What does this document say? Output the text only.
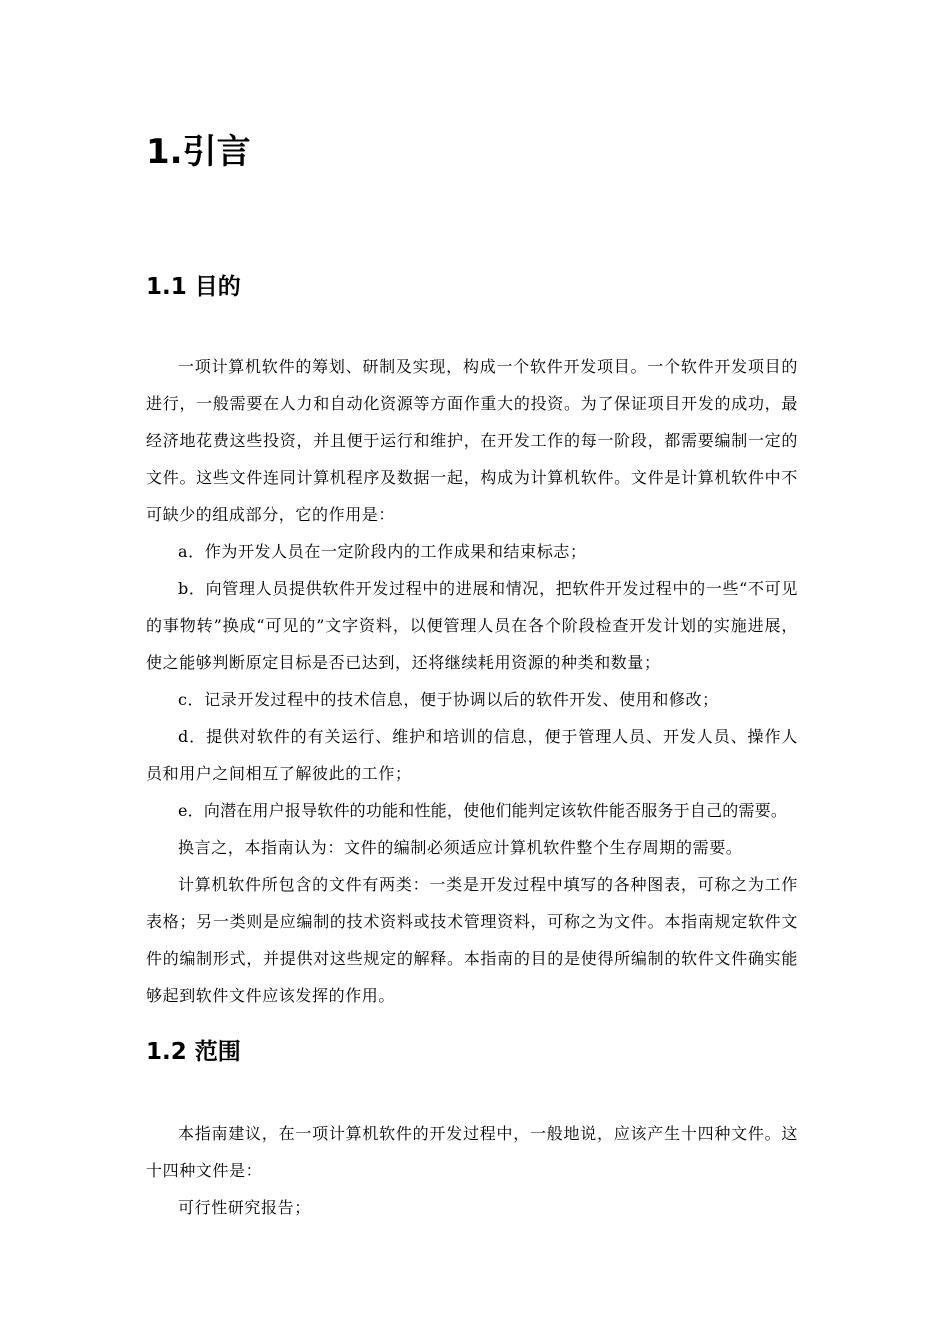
1.引言
1.1 目的

一项计算机软件的筹划、研制及实现，构成一个软件开发项目。一个软件开发项目的进行，一般需要在人力和自动化资源等方面作重大的投资。为了保证项目开发的成功，最经济地花费这些投资，并且便于运行和维护，在开发工作的每一阶段，都需要编制一定的文件。这些文件连同计算机程序及数据一起，构成为计算机软件。文件是计算机软件中不可缺少的组成部分，它的作用是：

a．作为开发人员在一定阶段内的工作成果和结束标志；

b．向管理人员提供软件开发过程中的进展和情况，把软件开发过程中的一些“不可见的事物转”换成“可见的”文字资料，以便管理人员在各个阶段检查开发计划的实施进展，使之能够判断原定目标是否已达到，还将继续耗用资源的种类和数量；

c．记录开发过程中的技术信息，便于协调以后的软件开发、使用和修改；

d．提供对软件的有关运行、维护和培训的信息，便于管理人员、开发人员、操作人员和用户之间相互了解彼此的工作；

e．向潜在用户报导软件的功能和性能，使他们能判定该软件能否服务于自己的需要。

换言之，本指南认为：文件的编制必须适应计算机软件整个生存周期的需要。

计算机软件所包含的文件有两类：一类是开发过程中填写的各种图表，可称之为工作表格；另一类则是应编制的技术资料或技术管理资料，可称之为文件。本指南规定软件文件的编制形式，并提供对这些规定的解释。本指南的目的是使得所编制的软件文件确实能够起到软件文件应该发挥的作用。

1.2 范围

本指南建议，在一项计算机软件的开发过程中，一般地说，应该产生十四种文件。这十四种文件是：

可行性研究报告；
